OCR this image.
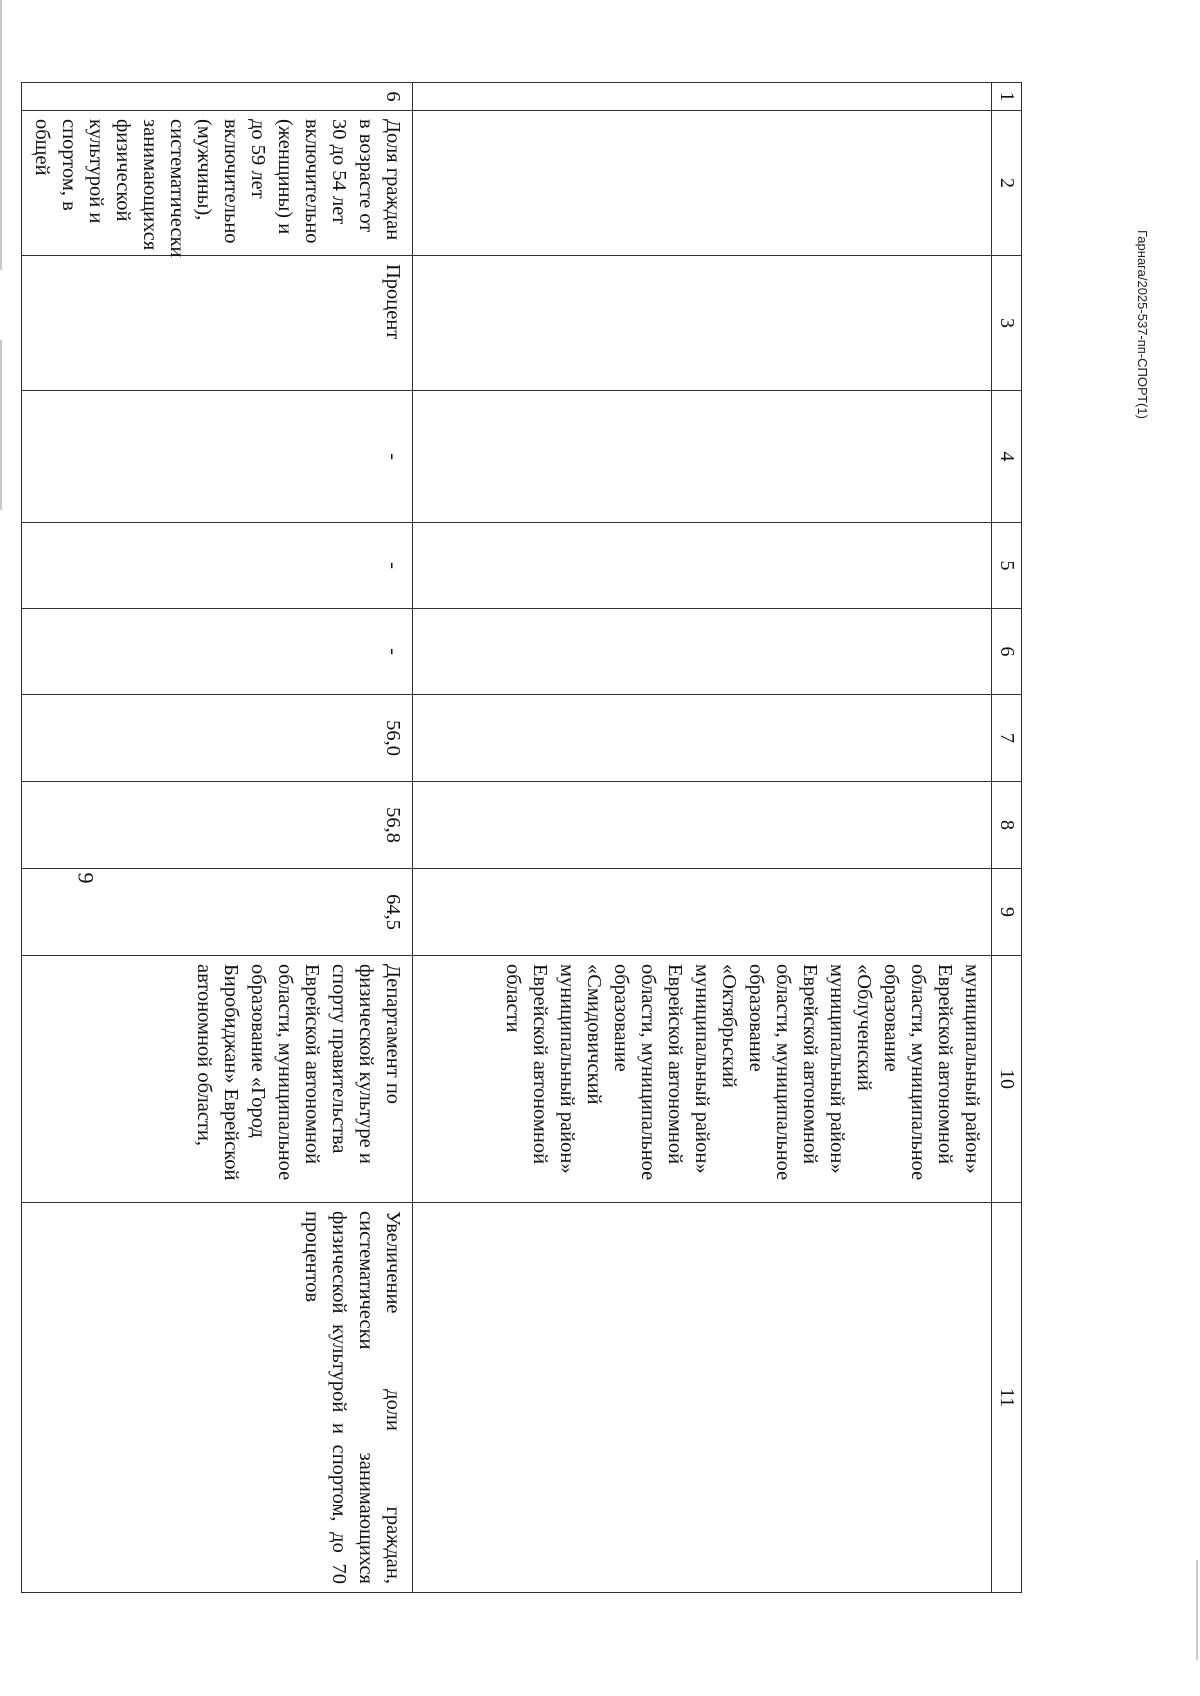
9
Гарнага/2025-537-пп-СПОРТ(1)
1	2	3	4	5	6	7	8	9	10	11
									муниципальный район» Еврейской автономной области, муниципальное образование «Облученский муниципальный район» Еврейской автономной области, муниципальное образование «Октябрьский муниципальный район» Еврейской автономной области, муниципальное образование «Смидовичский муниципальный район» Еврейской автономной области	
6	Доля граждан в возрасте от 30 до 54 лет включительно (женщины) и до 59 лет включительно (мужчины), систематически занимающихся физической культурой и спортом, в общей	Процент	-	-	-	56,0	56,8	64,5	Департамент по физической культуре и спорту правительства Еврейской автономной области, муниципальное образование «Город Биробиджан» Еврейской автономной области,	Увеличение доли граждан, систематически занимающихся физической культурой и спортом, до 70 процентов
